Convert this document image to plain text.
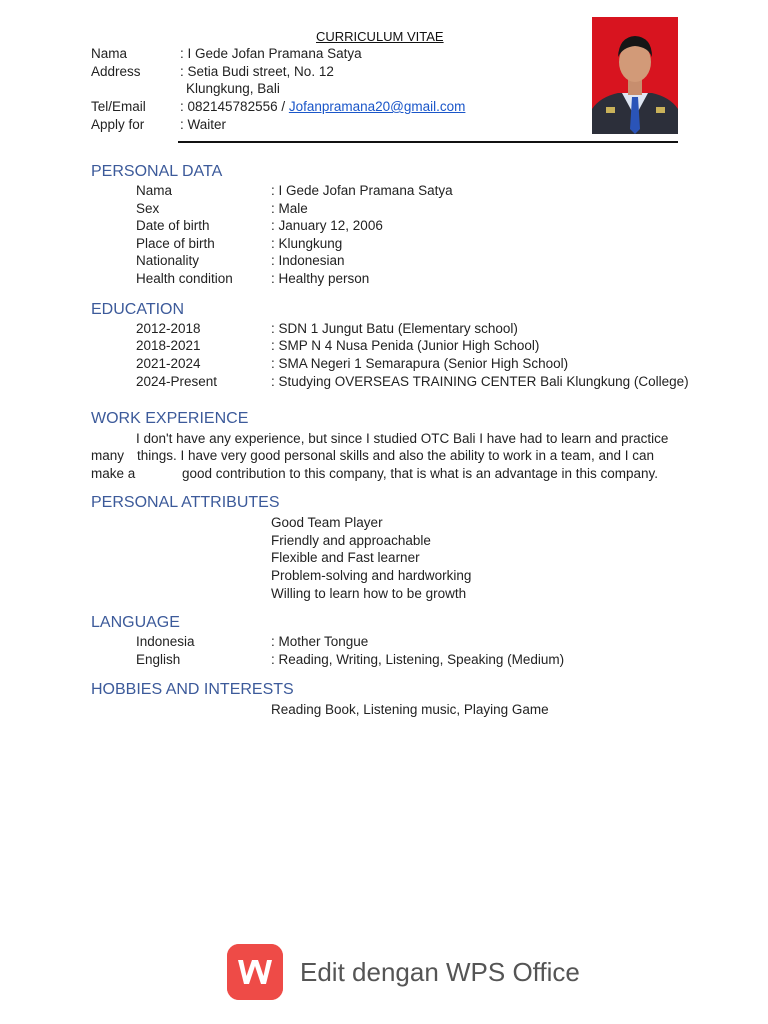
CURRICULUM VITAE
Nama	: I Gede Jofan Pramana Satya
Address	: Setia Budi street, No. 12
Klungkung, Bali
Tel/Email	: 082145782556 / Jofanpramana20@gmail.com
Apply for	: Waiter
PERSONAL DATA
Nama	: I Gede Jofan Pramana Satya
Sex	: Male
Date of birth	: January 12, 2006
Place of birth	: Klungkung
Nationality	: Indonesian
Health condition	: Healthy person
EDUCATION
2012-2018	: SDN 1 Jungut Batu (Elementary school)
2018-2021	: SMP N 4 Nusa Penida (Junior High School)
2021-2024	: SMA Negeri 1 Semarapura (Senior High School)
2024-Present	: Studying OVERSEAS TRAINING CENTER Bali Klungkung (College)
WORK EXPERIENCE
I don't have any experience, but since I studied OTC Bali I have had to learn and practice
many things. I have very good personal skills and also the ability to work in a team, and I can
make a	good contribution to this company, that is what is an advantage in this company.
PERSONAL ATTRIBUTES
Good Team Player
Friendly and approachable
Flexible and Fast learner
Problem-solving and hardworking
Willing to learn how to be growth
LANGUAGE
Indonesia	: Mother Tongue
English	: Reading, Writing, Listening, Speaking (Medium)
HOBBIES AND INTERESTS
Reading Book, Listening music, Playing Game
Edit dengan WPS Office
